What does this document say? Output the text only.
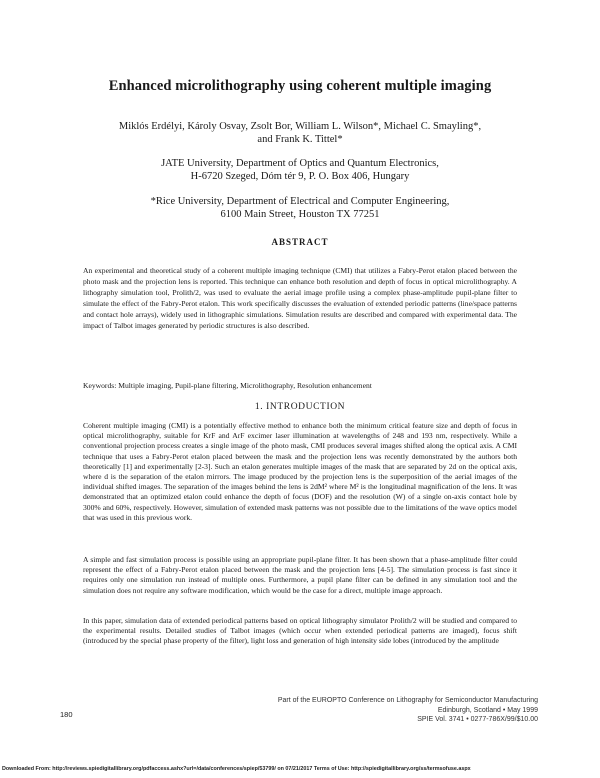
Enhanced microlithography using coherent multiple imaging
Miklós Erdélyi, Károly Osvay, Zsolt Bor, William L. Wilson*, Michael C. Smayling*,
and Frank K. Tittel*
JATE University, Department of Optics and Quantum Electronics,
H-6720 Szeged, Dóm tér 9, P. O. Box 406, Hungary
*Rice University, Department of Electrical and Computer Engineering,
6100 Main Street, Houston TX 77251
ABSTRACT
An experimental and theoretical study of a coherent multiple imaging technique (CMI) that utilizes a Fabry-Perot etalon placed between the photo mask and the projection lens is reported. This technique can enhance both resolution and depth of focus in optical microlithography. A lithography simulation tool, Prolith/2, was used to evaluate the aerial image profile using a complex phase-amplitude pupil-plane filter to simulate the effect of the Fabry-Perot etalon. This work specifically discusses the evaluation of extended periodic patterns (line/space patterns and contact hole arrays), widely used in lithographic simulations. Simulation results are described and compared with experimental data. The impact of Talbot images generated by periodic structures is also described.
Keywords: Multiple imaging, Pupil-plane filtering, Microlithography, Resolution enhancement
1. INTRODUCTION
Coherent multiple imaging (CMI) is a potentially effective method to enhance both the minimum critical feature size and depth of focus in optical microlithography, suitable for KrF and ArF excimer laser illumination at wavelengths of 248 and 193 nm, respectively. While a conventional projection process creates a single image of the photo mask, CMI produces several images shifted along the optical axis. A CMI technique that uses a Fabry-Perot etalon placed between the mask and the projection lens was recently demonstrated by the authors both theoretically [1] and experimentally [2-3]. Such an etalon generates multiple images of the mask that are separated by 2d on the optical axis, where d is the separation of the etalon mirrors. The image produced by the projection lens is the superposition of the aerial images of the individual shifted images. The separation of the images behind the lens is 2dM² where M² is the longitudinal magnification of the lens. It was demonstrated that an optimized etalon could enhance the depth of focus (DOF) and the resolution (W) of a single on-axis contact hole by 300% and 60%, respectively. However, simulation of extended mask patterns was not possible due to the limitations of the wave optics model that was used in this previous work.
A simple and fast simulation process is possible using an appropriate pupil-plane filter. It has been shown that a phase-amplitude filter could represent the effect of a Fabry-Perot etalon placed between the mask and the projection lens [4-5]. The simulation process is fast since it requires only one simulation run instead of multiple ones. Furthermore, a pupil plane filter can be defined in any simulation tool and the simulation does not require any software modification, which would be the case for a direct, multiple image approach.
In this paper, simulation data of extended periodical patterns based on optical lithography simulator Prolith/2 will be studied and compared to the experimental results. Detailed studies of Talbot images (which occur when extended periodical patterns are imaged), focus shift (introduced by the special phase property of the filter), light loss and generation of high intensity side lobes (introduced by the amplitude
180
Part of the EUROPTO Conference on Lithography for Semiconductor Manufacturing
Edinburgh, Scotland • May 1999
SPIE Vol. 3741 • 0277-786X/99/$10.00
Downloaded From: http://reviews.spiedigitallibrary.org/pdfaccess.ashx?url=/data/conferences/spiep/53799/ on 07/21/2017 Terms of Use: http://spiedigitallibrary.org/ss/termsofuse.aspx
